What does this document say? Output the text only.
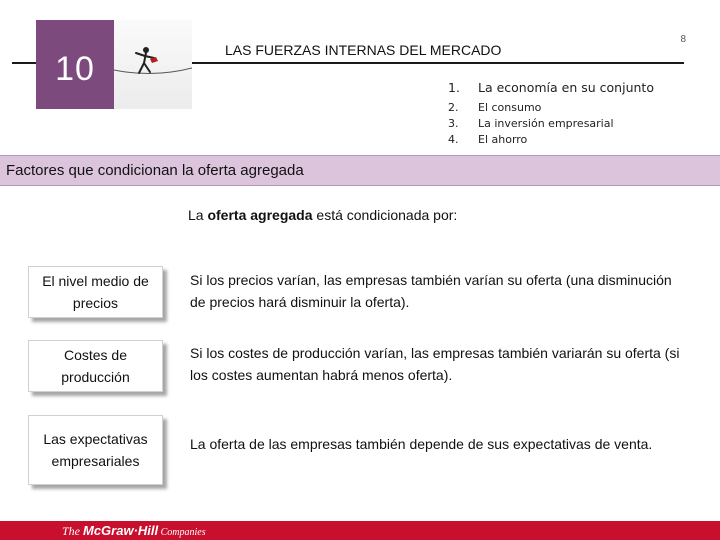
10
8
LAS FUERZAS INTERNAS DEL MERCADO
1.	La economía en su conjunto
2.	El consumo
3.	La inversión empresarial
4.	El ahorro
Factores que condicionan la oferta agregada
La oferta agregada está condicionada por:
El nivel medio de precios
Si los precios varían, las empresas también varían su oferta (una disminución de precios hará disminuir la oferta).
Costes de producción
Si los costes de producción varían, las empresas también variarán su oferta (si los costes aumentan habrá menos oferta).
Las expectativas empresariales
La oferta de las empresas también depende de sus expectativas de venta.
The McGraw·Hill Companies
